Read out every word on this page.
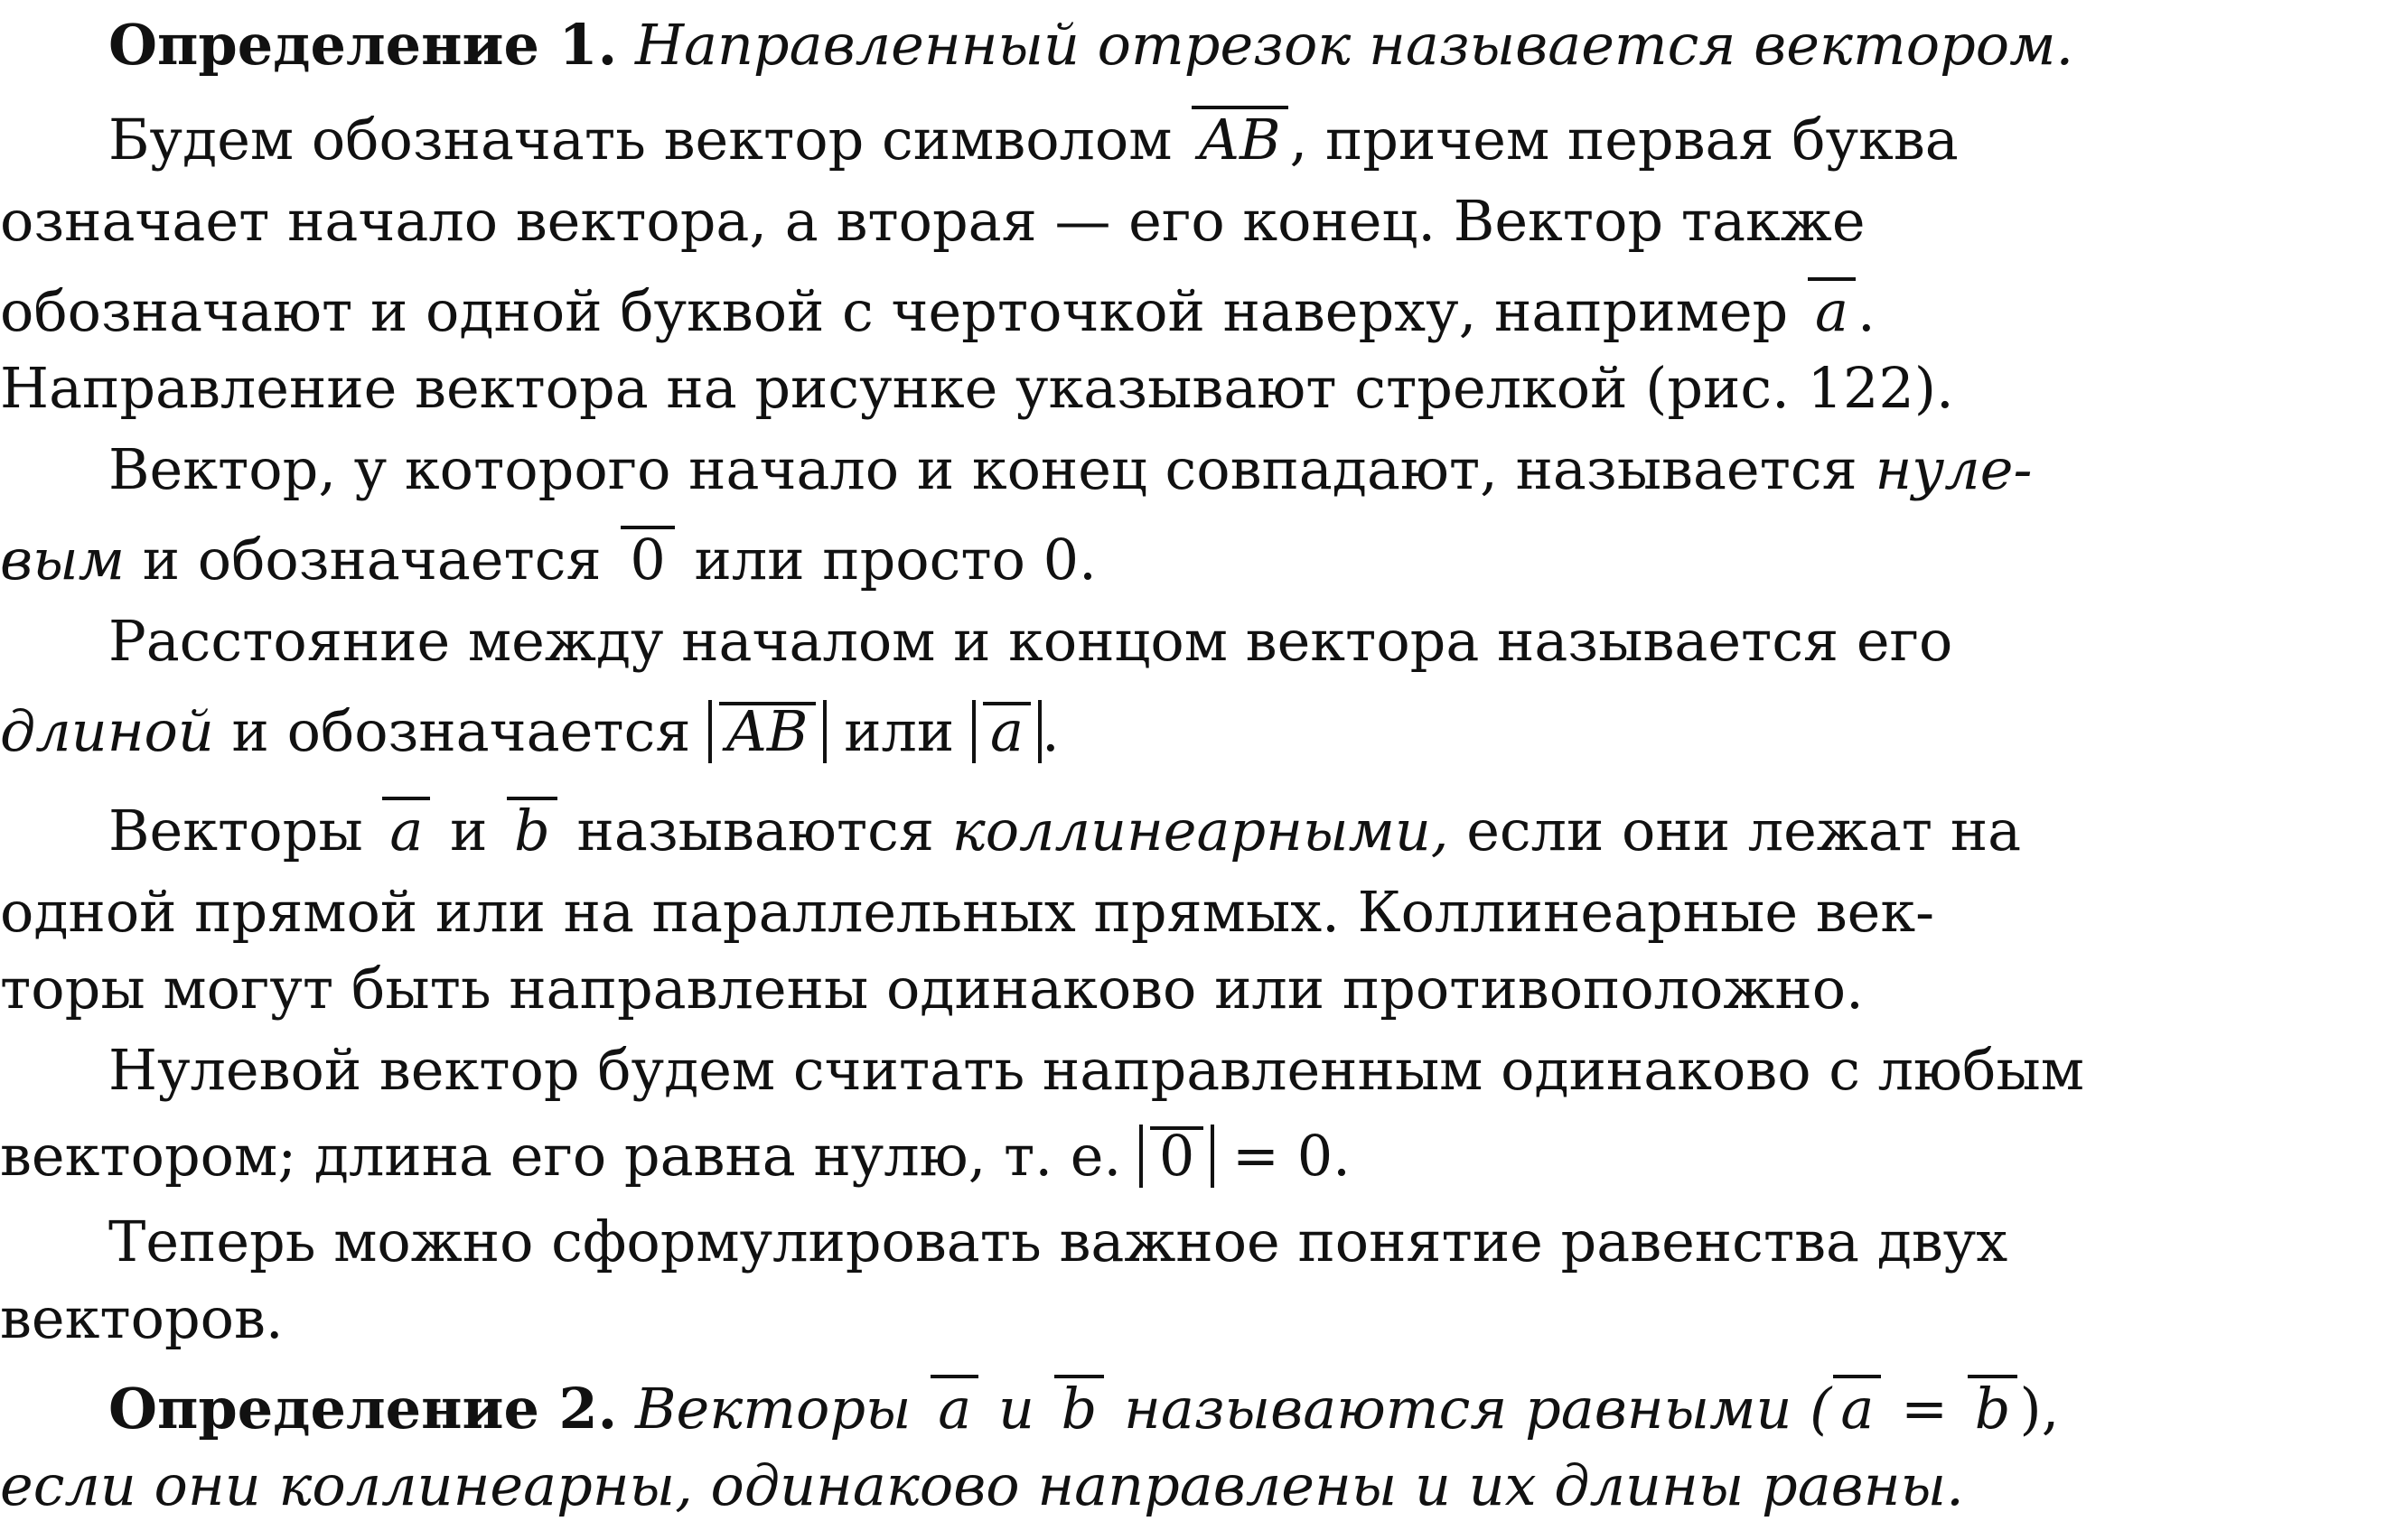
Определение 1. Направленный отрезок называется вектором.
Будем обозначать вектор символом AB , причем первая буква
означает начало вектора, а вторая — его конец. Вектор также
обозначают и одной буквой с черточкой наверху, например a .
Направление вектора на рисунке указывают стрелкой (рис. 122).
Вектор, у которого начало и конец совпадают, называется нуле-
вым и обозначается 0 или просто 0.
Расстояние между началом и концом вектора называется его
длиной и обозначается AB или a .
Векторы a и b называются коллинеарными, если они лежат на
одной прямой или на параллельных прямых. Коллинеарные век-
торы могут быть направлены одинаково или противоположно.
Нулевой вектор будем считать направленным одинаково с любым
вектором; длина его равна нулю, т. е. 0 = 0.
Теперь можно сформулировать важное понятие равенства двух
векторов.
Определение 2. Векторы a и b называются равными ( a = b ),
если они коллинеарны, одинаково направлены и их длины равны.
